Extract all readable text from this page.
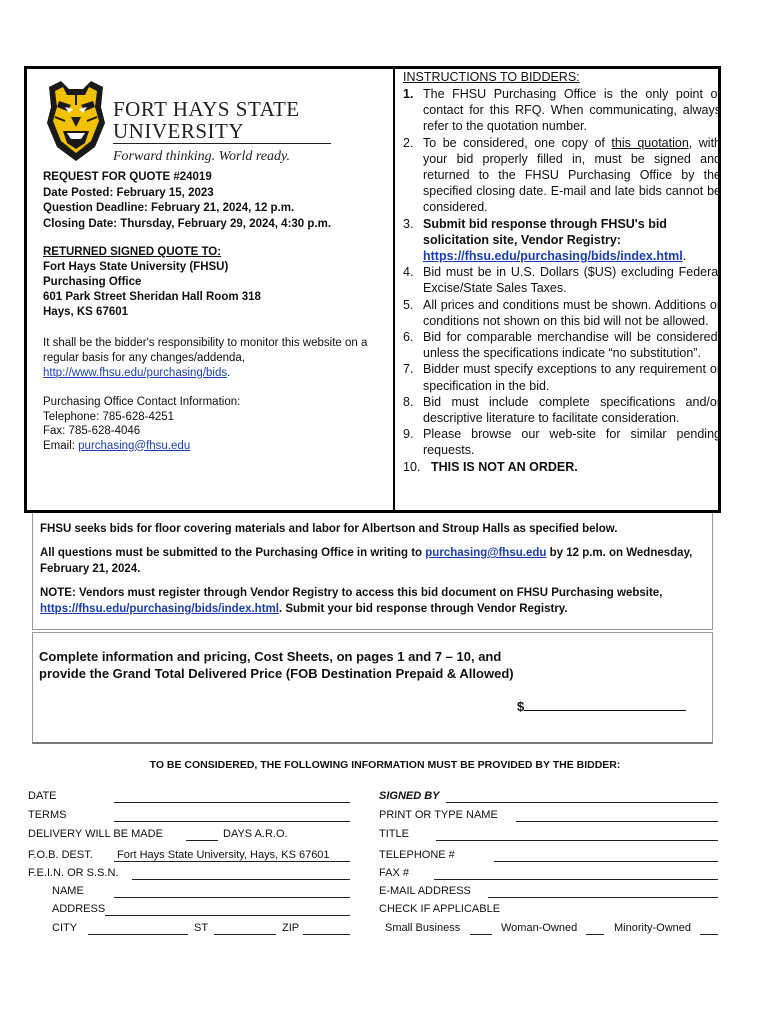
FORT HAYS STATE
UNIVERSITY
Forward thinking. World ready.
REQUEST FOR QUOTE #24019
Date Posted: February 15, 2023
Question Deadline: February 21, 2024, 12 p.m.
Closing Date: Thursday, February 29, 2024, 4:30 p.m.
RETURNED SIGNED QUOTE TO:
Fort Hays State University (FHSU)
Purchasing Office
601 Park Street Sheridan Hall Room 318
Hays, KS 67601
It shall be the bidder's responsibility to monitor this website on a regular basis for any changes/addenda, http://www.fhsu.edu/purchasing/bids.
Purchasing Office Contact Information:
Telephone: 785-628-4251
Fax: 785-628-4046
Email: purchasing@fhsu.edu
INSTRUCTIONS TO BIDDERS:
1. The FHSU Purchasing Office is the only point of contact for this RFQ. When communicating, always refer to the quotation number.
2. To be considered, one copy of this quotation, with your bid properly filled in, must be signed and returned to the FHSU Purchasing Office by the specified closing date. E-mail and late bids cannot be considered.
3. Submit bid response through FHSU's bid solicitation site, Vendor Registry:
https://fhsu.edu/purchasing/bids/index.html.
4. Bid must be in U.S. Dollars ($US) excluding Federal Excise/State Sales Taxes.
5. All prices and conditions must be shown. Additions or conditions not shown on this bid will not be allowed.
6. Bid for comparable merchandise will be considered, unless the specifications indicate “no substitution”.
7. Bidder must specify exceptions to any requirement or specification in the bid.
8. Bid must include complete specifications and/or descriptive literature to facilitate consideration.
9. Please browse our web-site for similar pending requests.
10. THIS IS NOT AN ORDER.
FHSU seeks bids for floor covering materials and labor for Albertson and Stroup Halls as specified below.
All questions must be submitted to the Purchasing Office in writing to purchasing@fhsu.edu by 12 p.m. on Wednesday, February 21, 2024.
NOTE: Vendors must register through Vendor Registry to access this bid document on FHSU Purchasing website, https://fhsu.edu/purchasing/bids/index.html. Submit your bid response through Vendor Registry.
Complete information and pricing, Cost Sheets, on pages 1 and 7 – 10, and
provide the Grand Total Delivered Price (FOB Destination Prepaid & Allowed)
$
TO BE CONSIDERED, THE FOLLOWING INFORMATION MUST BE PROVIDED BY THE BIDDER:
DATE
TERMS
DELIVERY WILL BE MADE	DAYS A.R.O.
F.O.B. DEST. Fort Hays State University, Hays, KS 67601
F.E.I.N. OR S.S.N.
NAME
ADDRESS
CITY	ST	ZIP
SIGNED BY
PRINT OR TYPE NAME
TITLE
TELEPHONE #
FAX #
E-MAIL ADDRESS
CHECK IF APPLICABLE
Small Business	Woman-Owned	Minority-Owned
